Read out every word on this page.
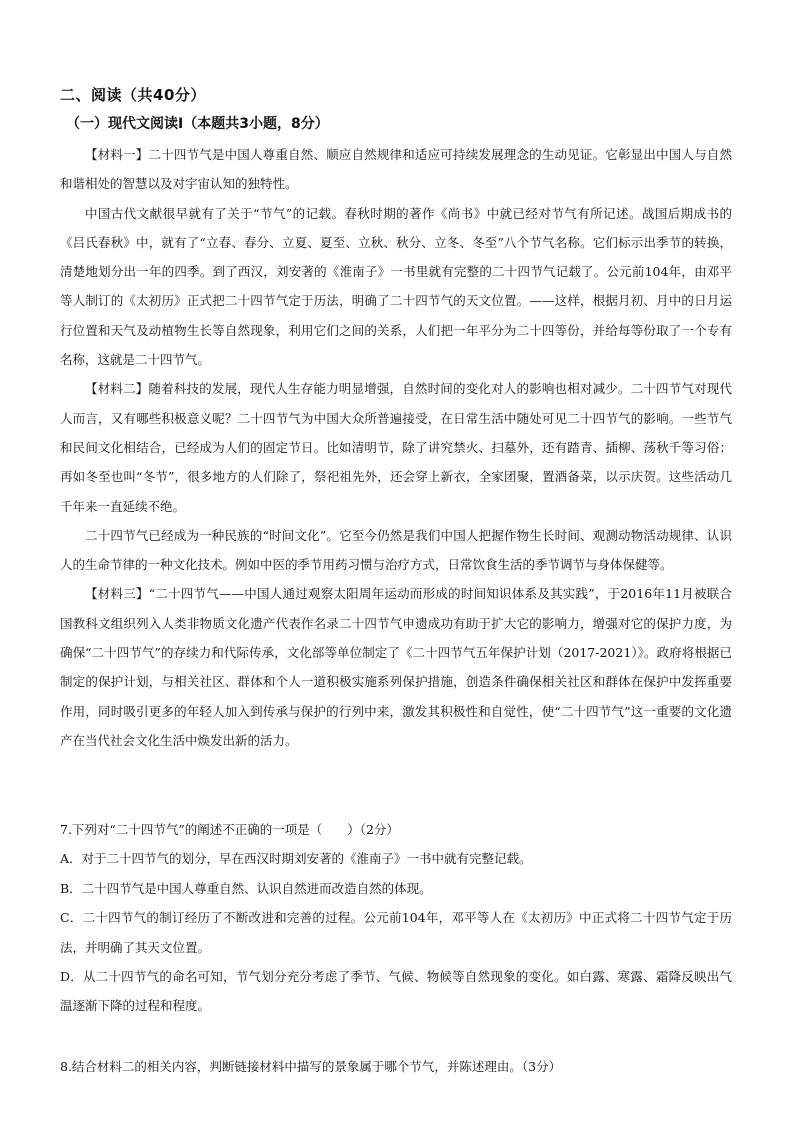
二、阅读（共40分）
（一）现代文阅读Ⅰ（本题共3小题，8分）

【材料一】二十四节气是中国人尊重自然、顺应自然规律和适应可持续发展理念的生动见证。它彰显出中国人与自然和谐相处的智慧以及对宇宙认知的独特性。

中国古代文献很早就有了关于“节气”的记载。春秋时期的著作《尚书》中就已经对节气有所记述。战国后期成书的《吕氏春秋》中，就有了“立春、春分、立夏、夏至、立秋、秋分、立冬、冬至”八个节气名称。它们标示出季节的转换，清楚地划分出一年的四季。到了西汉，刘安著的《淮南子》一书里就有完整的二十四节气记载了。公元前104年，由邓平等人制订的《太初历》正式把二十四节气定于历法，明确了二十四节气的天文位置。——这样，根据月初、月中的日月运行位置和天气及动植物生长等自然现象，利用它们之间的关系，人们把一年平分为二十四等份，并给每等份取了一个专有名称，这就是二十四节气。

【材料二】随着科技的发展，现代人生存能力明显增强，自然时间的变化对人的影响也相对减少。二十四节气对现代人而言，又有哪些积极意义呢？二十四节气为中国大众所普遍接受，在日常生活中随处可见二十四节气的影响。一些节气和民间文化相结合，已经成为人们的固定节日。比如清明节，除了讲究禁火、扫墓外，还有踏青、插柳、荡秋千等习俗；再如冬至也叫“冬节”，很多地方的人们除了，祭祀祖先外，还会穿上新衣，全家团聚，置酒备菜，以示庆贺。这些活动几千年来一直延续不绝。

二十四节气已经成为一种民族的“时间文化”。它至今仍然是我们中国人把握作物生长时间、观测动物活动规律、认识人的生命节律的一种文化技术。例如中医的季节用药习惯与治疗方式，日常饮食生活的季节调节与身体保健等。

【材料三】“二十四节气——中国人通过观察太阳周年运动而形成的时间知识体系及其实践”，于2016年11月被联合国教科文组织列入人类非物质文化遗产代表作名录二十四节气申遗成功有助于扩大它的影响力，增强对它的保护力度，为确保“二十四节气”的存续力和代际传承，文化部等单位制定了《二十四节气五年保护计划（2017-2021）》。政府将根据已制定的保护计划，与相关社区、群体和个人一道积极实施系列保护措施，创造条件确保相关社区和群体在保护中发挥重要作用，同时吸引更多的年轻人加入到传承与保护的行列中来，激发其积极性和自觉性，使“二十四节气”这一重要的文化遗产在当代社会文化生活中焕发出新的活力。

7.下列对“二十四节气”的阐述不正确的一项是（　　）（2分）

A．对于二十四节气的划分，早在西汉时期刘安著的《淮南子》一书中就有完整记载。

B．二十四节气是中国人尊重自然、认识自然进而改造自然的体现。

C．二十四节气的制订经历了不断改进和完善的过程。公元前104年，邓平等人在《太初历》中正式将二十四节气定于历法，并明确了其天文位置。

D．从二十四节气的命名可知，节气划分充分考虑了季节、气候、物候等自然现象的变化。如白露、寒露、霜降反映出气温逐渐下降的过程和程度。

8.结合材料二的相关内容，判断链接材料中描写的景象属于哪个节气，并陈述理由。（3分）
